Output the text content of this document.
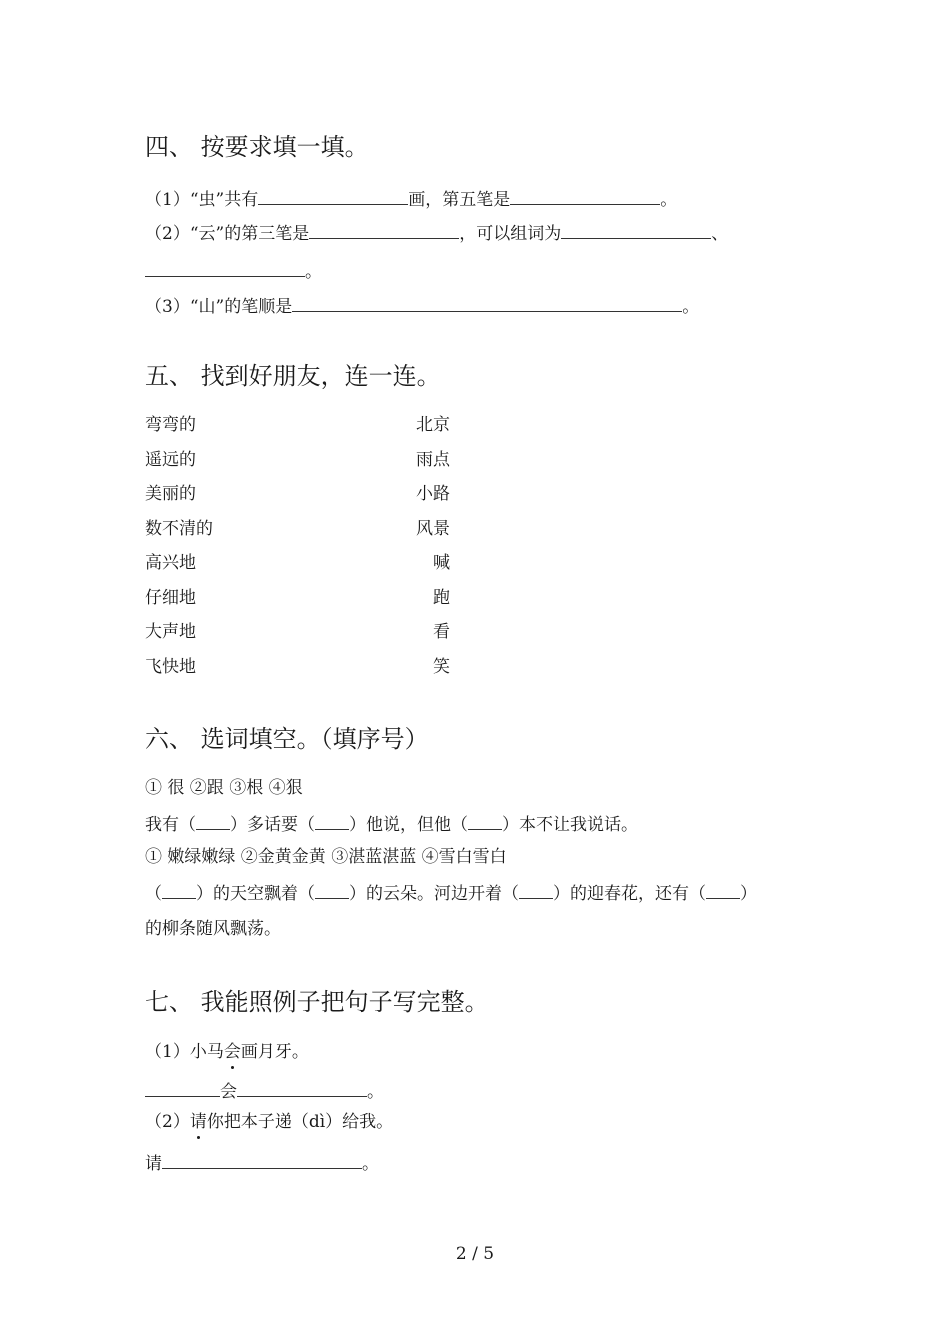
四、 按要求填一填。
（1）“虫”共有	画，第五笔是	。
（2）“云”的第三笔是	，可以组词为	、
。
（3）“山”的笔顺是	。
五、 找到好朋友，连一连。
弯弯的	北京
遥远的	雨点
美丽的	小路
数不清的	风景
高兴地	喊
仔细地	跑
大声地	看
飞快地	笑
六、 选词填空。（填序号）
① 很 ②跟 ③根 ④狠
我有（ ）多话要（ ）他说，但他（ ）本不让我说话。
① 嫩绿嫩绿 ②金黄金黄 ③湛蓝湛蓝 ④雪白雪白
（ ）的天空飘着（ ）的云朵。河边开着（ ）的迎春花，还有（ ）
的柳条随风飘荡。
七、 我能照例子把句子写完整。
（1）小马会画月牙。
会	。
（2）请你把本子递（dì）给我。
请	。
2 / 5
